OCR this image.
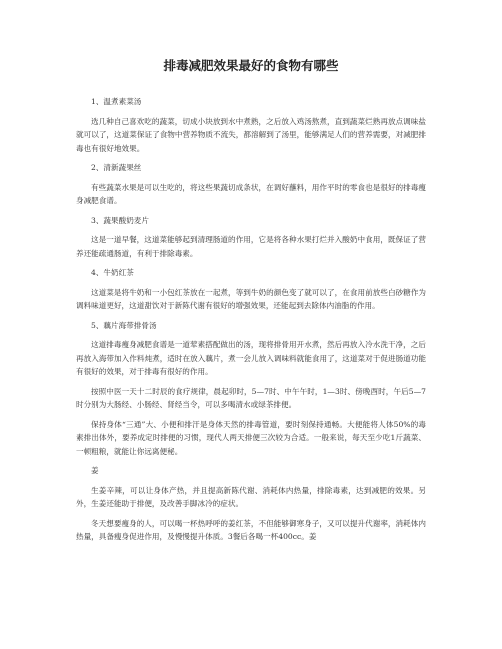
排毒减肥效果最好的食物有哪些
1、温煮素菜汤

选几种自己喜欢吃的蔬菜，切成小块放到水中煮熟，之后放入鸡汤熬煮，直到蔬菜烂熟再放点调味盐就可以了，这道菜保证了食物中营养物质不流失，都溶解到了汤里，能够满足人们的营养需要，对减肥排毒也有很好地效果。

2、清新蔬果丝

有些蔬菜水果是可以生吃的，将这些果蔬切成条状，在调好蘸料，用作平时的零食也是很好的排毒瘦身减肥食谱。

3、蔬果酸奶麦片

这是一道早餐，这道菜能够起到清理肠道的作用，它是将各种水果打烂并入酸奶中食用，既保证了营养还能疏通肠道，有利于排除毒素。

4、牛奶红茶

这道菜是将牛奶和一小包红茶放在一起煮，等到牛奶的颜色变了就可以了，在食用前放些白砂糖作为调料味道更好，这道甜饮对于新陈代谢有很好的增强效果，还能起到去除体内油脂的作用。

5、藕片海带排骨汤

这道排毒瘦身减肥食谱是一道荤素搭配做出的汤，现将排骨用开水煮，然后再放入冷水洗干净，之后再放入海带加入作料炖煮，适时在放入藕片，煮一会儿放入调味料就能食用了，这道菜对于促进肠道功能有很好的效果，对于排毒有很好的作用。

按照中医一天十二时辰的食疗规律，晨起卯时，5—7时、中午午时，1—3时、傍晚酉时，午后5—7时分别为大肠经、小肠经、肾经当令，可以多喝清水或绿茶排便。

保持身体“三通”大、小便和排汗是身体天然的排毒管道，要时刻保持通畅。大便能将人体50%的毒素排出体外，要养成定时排便的习惯，现代人两天排便三次较为合适。一般来说，每天至少吃1斤蔬菜、一顿粗粮，就能让你远离便秘。

姜

生姜辛辣，可以让身体产热，并且提高新陈代谢、消耗体内热量，排除毒素，达到减肥的效果。另外，生姜还能助于排便，及改善手脚冰冷的症状。

冬天想要瘦身的人，可以喝一杯热呼呼的姜红茶，不但能够御寒身子，又可以提升代谢率，消耗体内热量，具备瘦身促进作用，及慢慢提升体质。3餐后各喝一杯400cc。姜
